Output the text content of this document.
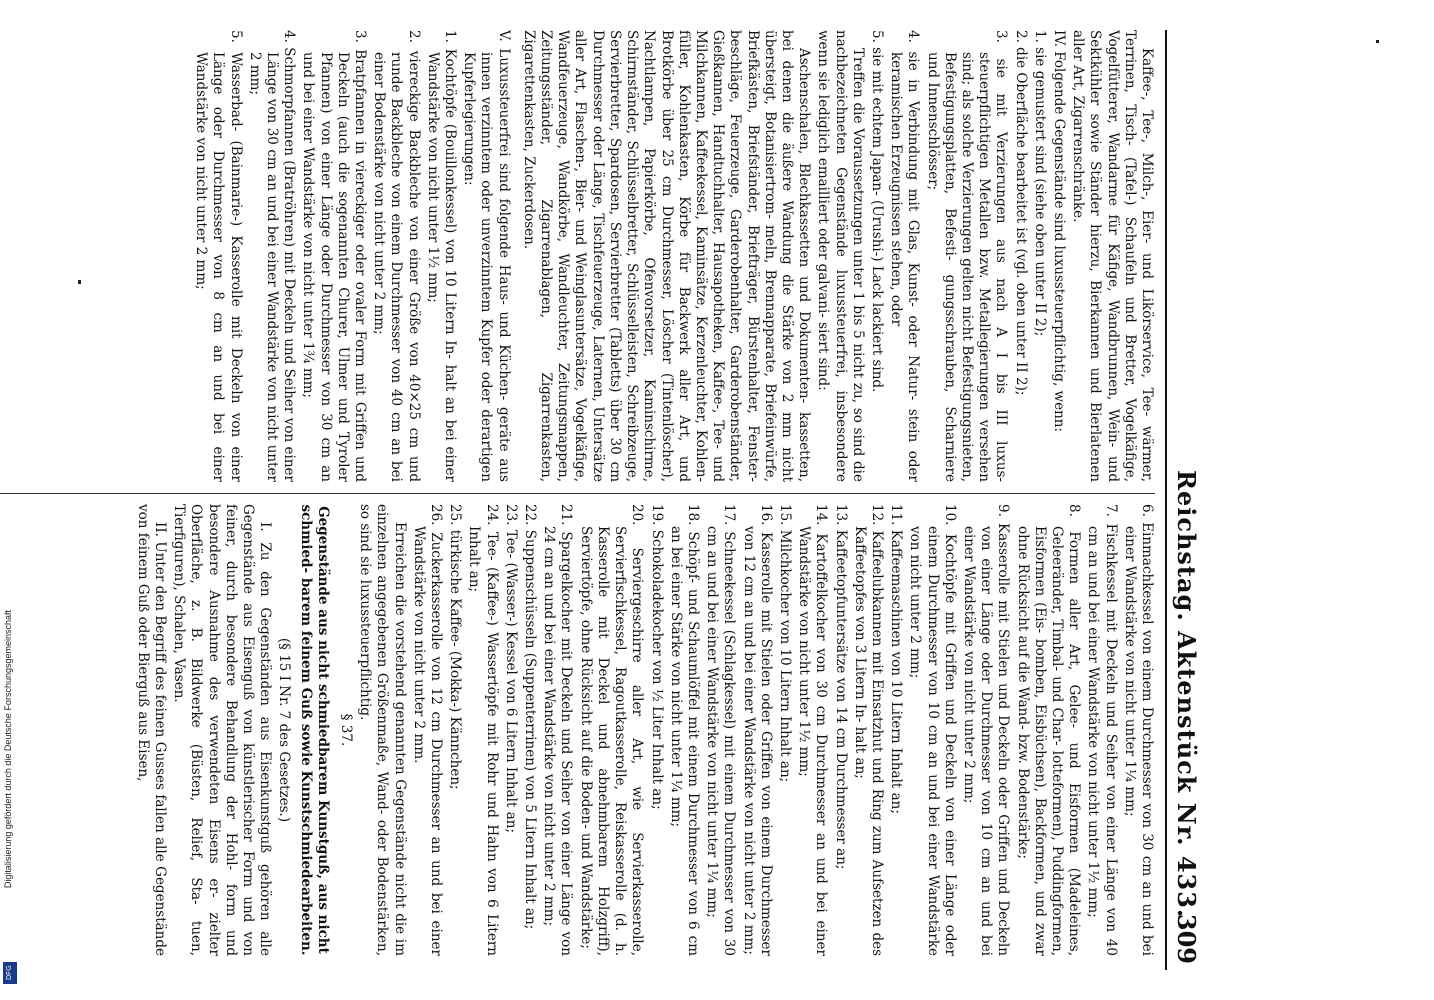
Reichstag. Aktenstück Nr. 433.
309

Kaffee-, Tee-, Milch-, Eier- und Likörservice, Tee- wärmer, Terrinen, Tisch- (Tafel-) Schaufeln und Bretter, Vogelkäfige, Vogelfütterer, Wandarme für Käfige, Wandbrunnen, Wein- und Sektkühler sowie Ständer hierzu, Bierkannen und Bierlatenen aller Art, Zigarrenschränke.

IV. Folgende Gegenstände sind luxussteuerpflichtig, wenn:

1. sie gemustert sind (siehe oben unter II 2);

2. die Oberfläche bearbeitet ist (vgl. oben unter II 2);

3. sie mit Verzierungen aus nach A I bis III luxus- steuerpflichtigen Metallen bzw. Metallegierungen versehen sind; als solche Verzierungen gelten nicht Befestigungsnieten, Befestigungsplatten, Befesti- gungsschrauben, Scharniere und Innenschlösser;

4. sie in Verbindung mit Glas, Kunst- oder Natur- stein oder keramischen Erzeugnissen stehen, oder

5. sie mit echtem Japan- (Urushi-) Lack lackiert sind.

Treffen die Voraussetzungen unter 1 bis 5 nicht zu, so sind die nachbezeichneten Gegenstände luxussteuerfrei, insbesondere wenn sie lediglich emailliert oder galvani- siert sind:

Aschenschalen, Blechkassetten und Dokumenten- kassetten, bei denen die äußere Wandung die Stärke von 2 mm nicht übersteigt, Botanisiertrom- meln, Brennapparate, Briefeinwürfe, Briefkästen, Briefständer, Briefträger, Bürstenhalter, Fenster- beschläge, Feuerzeuge, Garderobenhalter, Garderobenständer, Gießkannen, Handtuchhalter, Hausapotheken, Kaffee-, Tee- und Milchkannen, Kaffeekessel, Kaminsätze, Kerzenleuchter, Kohlen- füller, Kohlenkasten, Körbe für Backwerk aller Art, und Brotkörbe über 25 cm Durchmesser, Löscher (Tintenlöscher), Nachtlampen, Papierkörbe, Ofenvorsetzer, Kaminschirme, Schirmständer, Schlüsselbretter, Schlüsselleisten, Schreibzeuge, Servierbretter, Spardosen, Servierbretter (Tabletts) über 30 cm Durchmesser oder Länge, Tischfeuerzeuge, Laternen, Untersätze aller Art, Flaschen-, Bier- und Weinglasuntersätze, Vogelkäfige, Wandfeuerzeuge, Wandkörbe, Wandleuchter, Zeitungsmappen, Zeitungsständer, Zigarrenablagen, Zigarrenkasten, Zigarettenkasten, Zuckerdosen.

V. Luxussteuerfrei sind folgende Haus- und Küchen- geräte aus innen verzinntem oder unverzinntem Kupfer oder derartigen Kupferlegierungen:

1. Kochtöpfe (Bouillonkessel) von 10 Litern In- halt an bei einer Wandstärke von nicht unter 1½ mm;

2. viereckige Backbleche von einer Größe von 40×25 cm und runde Backbleche von einem Durchmesser von 40 cm an bei einer Bodenstärke von nicht unter 2 mm;

3. Bratpfannen in viereckiger oder ovaler Form mit Griffen und Deckeln (auch die sogenannten Churer, Ulmer und Tyroler Pfannen) von einer Länge oder Durchmesser von 30 cm an und bei einer Wandstärke von nicht unter 1¾ mm;

4. Schmorpfannen (Bratröhren) mit Deckeln und Seiher von einer Länge von 30 cm an und bei einer Wandstärke von nicht unter 2 mm;

5. Wasserbad- (Bainmarie-) Kasserolle mit Deckeln von einer Länge oder Durchmesser von 8 cm an und bei einer Wandstärke von nicht unter 2 mm;

6. Einmachkessel von einem Durchmesser von 30 cm an und bei einer Wandstärke von nicht unter 1¼ mm;

7. Fischkessel mit Deckeln und Seiher von einer Länge von 40 cm an und bei einer Wandstärke von nicht unter 1½ mm;

8. Formen aller Art, Gelee- und Eisformen (Madeleines, Geleeränder, Timbal- und Char- lotteformen), Puddingformen, Eisformen (Eis- bomben, Eisbüchsen), Backformen, und zwar ohne Rücksicht auf die Wand- bzw. Bodenstärke;

9. Kasserolle mit Stielen und Deckeln oder Griffen und Deckeln von einer Länge oder Durchmesser von 10 cm an und bei einer Wandstärke von nicht unter 2 mm;

10. Kochtöpfe mit Griffen und Deckeln von einer Länge oder einem Durchmesser von 10 cm an und bei einer Wandstärke von nicht unter 2 mm;

11. Kaffeemaschinen von 10 Litern Inhalt an;

12. Kaffeelubkannen mit Einsatzhut und Ring zum Aufsetzen des Kaffeetopfes von 3 Litern In- halt an;

13. Kaffeetopfuntersätze von 14 cm Durchmesser an;

14. Kartoffelkocher von 30 cm Durchmesser an und bei einer Wandstärke von nicht unter 1½ mm;

15. Milchkocher von 10 Litern Inhalt an;

16. Kasserolle mit Stielen oder Griffen von einem Durchmesser von 12 cm an und bei einer Wandstärke von nicht unter 2 mm;

17. Schneekessel (Schlagkessel) mit einem Durchmesser von 30 cm an und bei einer Wandstärke von nicht unter 1¼ mm;

18. Schöpf- und Schaumlöffel mit einem Durchmesser von 6 cm an bei einer Stärke von nicht unter 1¼ mm;

19. Schokoladekocher von ½ Liter Inhalt an;

20. Serviergeschirre aller Art, wie Servierkasserolle, Servierfischkessel, Ragoutkasserolle, Reiskasserolle (d. h. Kasserolle mit Deckel und abnehmbarem Holzgriff), Serviertöpfe, ohne Rücksicht auf die Boden- und Wandstärke;

21. Spargelkocher mit Deckeln und Seiher von einer Länge von 24 cm an und bei einer Wandstärke von nicht unter 2 mm;

22. Suppenschüsseln (Suppenterrinen) von 5 Litern Inhalt an;

23. Tee- (Wasser-) Kessel von 6 Litern Inhalt an;

24. Tee- (Kaffee-) Wassertöpfe mit Rohr und Hahn von 6 Litern Inhalt an;

25. türkische Kaffee- (Mokka-) Kännchen;

26. Zuckerkasserolle von 12 cm Durchmesser an und bei einer Wandstärke von nicht unter 2 mm.

Erreichen die vorstehend genannten Gegenstände nicht die im einzelnen angegebenen Größenmaße, Wand- oder Bodenstärken, so sind sie luxussteuerpflichtig.

§ 37.

Gegenstände aus nicht schmiedbarem Kunstguß, aus nicht schmied- barem feinem Guß sowie Kunstschmiedearbeiten.

(§ 15 I Nr. 7 des Gesetzes.)

I. Zu den Gegenständen aus Eisenkunstguß gehören alle Gegenstände aus Eisenguß von künstlerischer Form und von feiner, durch besondere Behandlung der Hohl- form und besondere Ausnahme des verwendeten Eisens er- zielter Oberfläche, z. B. Bildwerke (Büsten, Relief, Sta- tuen, Tierfiguren), Schalen, Vasen.

II. Unter den Begriff des feinen Gusses fallen alle Gegenstände von feinem Guß oder Bierguß aus Eisen,

Digitalisierung gefördert durch die Deutsche Forschungsgemeinschaft
DFG
